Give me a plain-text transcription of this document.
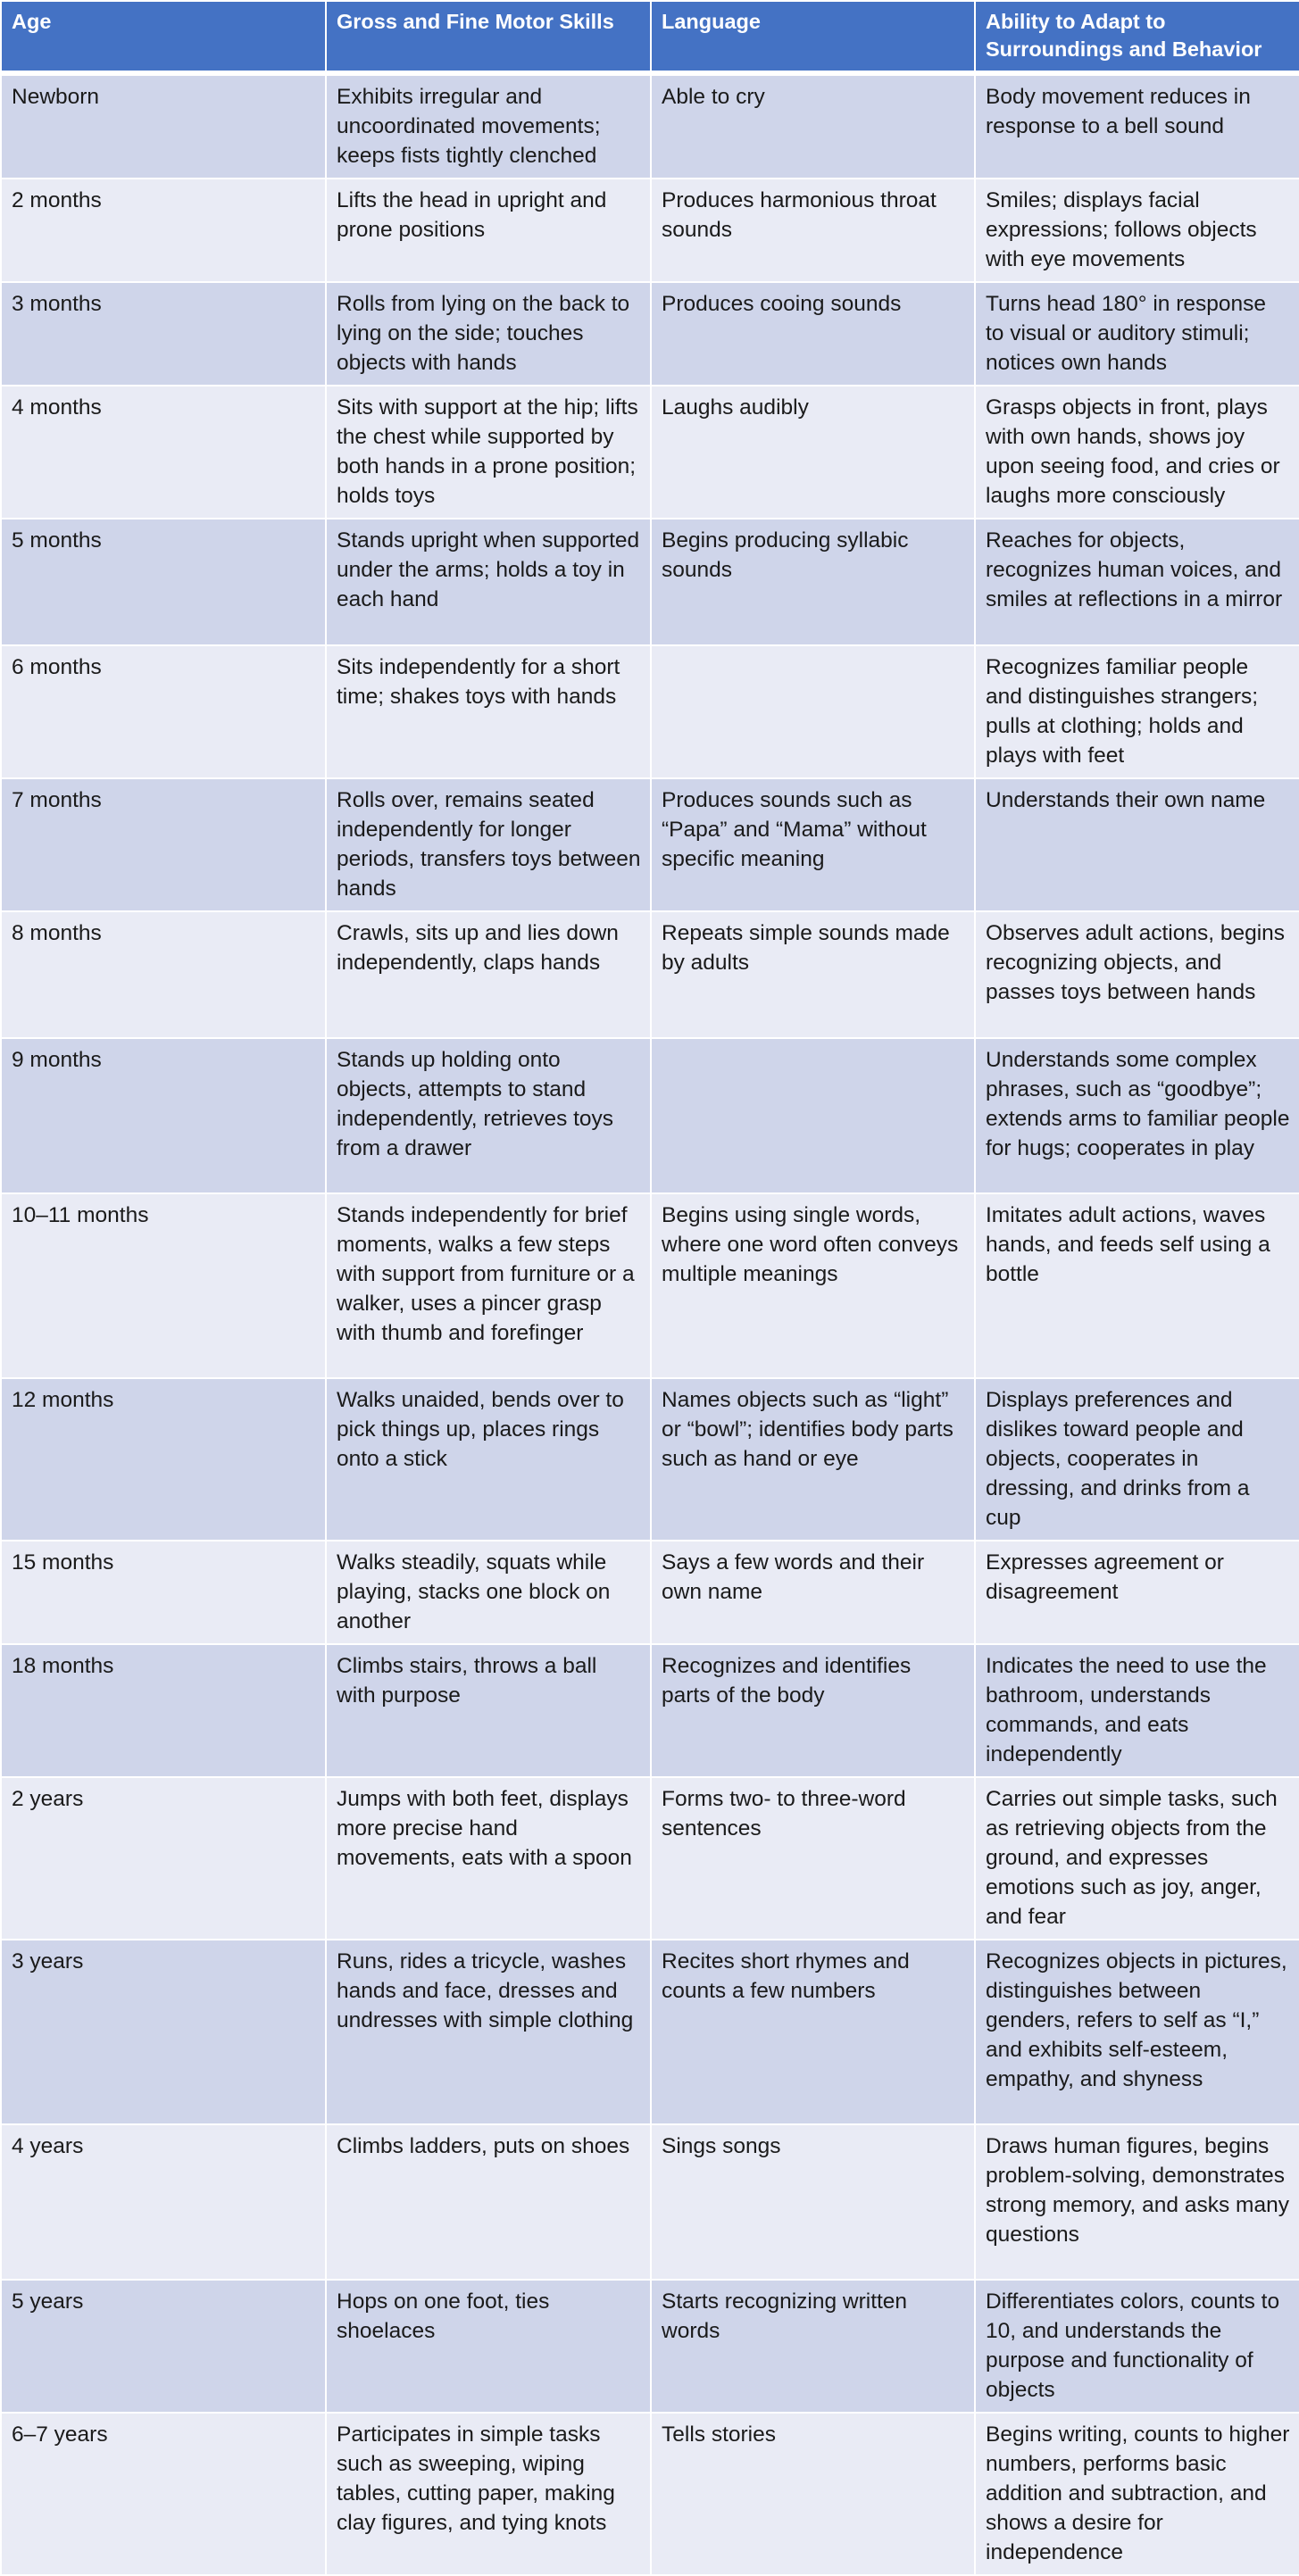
Age	Gross and Fine Motor Skills	Language	Ability to Adapt to Surroundings and Behavior
Newborn	Exhibits irregular and uncoordinated movements; keeps fists tightly clenched	Able to cry	Body movement reduces in response to a bell sound
2 months	Lifts the head in upright and prone positions	Produces harmonious throat sounds	Smiles; displays facial expressions; follows objects with eye movements
3 months	Rolls from lying on the back to lying on the side; touches objects with hands	Produces cooing sounds	Turns head 180° in response to visual or auditory stimuli; notices own hands
4 months	Sits with support at the hip; lifts the chest while supported by both hands in a prone position; holds toys	Laughs audibly	Grasps objects in front, plays with own hands, shows joy upon seeing food, and cries or laughs more consciously
5 months	Stands upright when supported under the arms; holds a toy in each hand	Begins producing syllabic sounds	Reaches for objects, recognizes human voices, and smiles at reflections in a mirror
6 months	Sits independently for a short time; shakes toys with hands		Recognizes familiar people and distinguishes strangers; pulls at clothing; holds and plays with feet
7 months	Rolls over, remains seated independently for longer periods, transfers toys between hands	Produces sounds such as “Papa” and “Mama” without specific meaning	Understands their own name
8 months	Crawls, sits up and lies down independently, claps hands	Repeats simple sounds made by adults	Observes adult actions, begins recognizing objects, and passes toys between hands
9 months	Stands up holding onto objects, attempts to stand independently, retrieves toys from a drawer		Understands some complex phrases, such as “goodbye”; extends arms to familiar people for hugs; cooperates in play
10–11 months	Stands independently for brief moments, walks a few steps with support from furniture or a walker, uses a pincer grasp with thumb and forefinger	Begins using single words, where one word often conveys multiple meanings	Imitates adult actions, waves hands, and feeds self using a bottle
12 months	Walks unaided, bends over to pick things up, places rings onto a stick	Names objects such as “light” or “bowl”; identifies body parts such as hand or eye	Displays preferences and dislikes toward people and objects, cooperates in dressing, and drinks from a cup
15 months	Walks steadily, squats while playing, stacks one block on another	Says a few words and their own name	Expresses agreement or disagreement
18 months	Climbs stairs, throws a ball with purpose	Recognizes and identifies parts of the body	Indicates the need to use the bathroom, understands commands, and eats independently
2 years	Jumps with both feet, displays more precise hand movements, eats with a spoon	Forms two- to three-word sentences	Carries out simple tasks, such as retrieving objects from the ground, and expresses emotions such as joy, anger, and fear
3 years	Runs, rides a tricycle, washes hands and face, dresses and undresses with simple clothing	Recites short rhymes and counts a few numbers	Recognizes objects in pictures, distinguishes between genders, refers to self as “I,” and exhibits self-esteem, empathy, and shyness
4 years	Climbs ladders, puts on shoes	Sings songs	Draws human figures, begins problem-solving, demonstrates strong memory, and asks many questions
5 years	Hops on one foot, ties shoelaces	Starts recognizing written words	Differentiates colors, counts to 10, and understands the purpose and functionality of objects
6–7 years	Participates in simple tasks such as sweeping, wiping tables, cutting paper, making clay figures, and tying knots	Tells stories	Begins writing, counts to higher numbers, performs basic addition and subtraction, and shows a desire for independence
